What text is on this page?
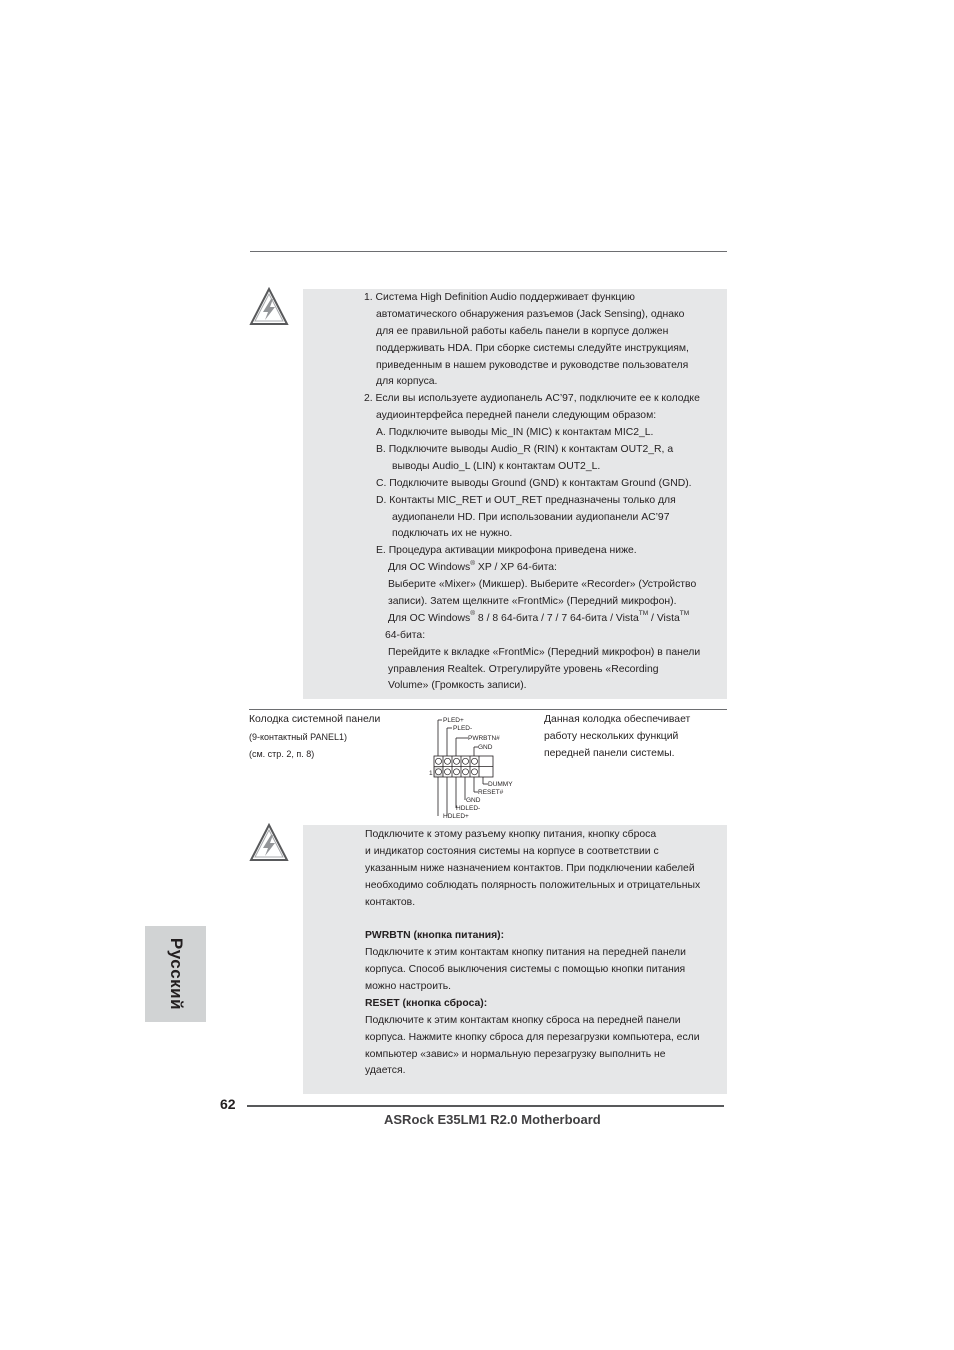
1. Система High Definition Audio поддерживает функцию
автоматического обнаружения разъемов (Jack Sensing), однако
для ее правильной работы кабель панели в корпусе должен
поддерживать HDA. При сборке системы следуйте инструкциям,
приведенным в нашем руководстве и руководстве пользователя
для корпуса.
2. Если вы используете аудиопанель AC’97, подключите ее к колодке
аудиоинтерфейса передней панели следующим образом:
A. Подключите выводы Mic_IN (MIC) к контактам MIC2_L.
B. Подключите выводы Audio_R (RIN) к контактам OUT2_R, а
выводы Audio_L (LIN) к контактам OUT2_L.
C. Подключите выводы Ground (GND) к контактам Ground (GND).
D. Контакты MIC_RET и OUT_RET предназначены только для
аудиопанели HD. При использовании аудиопанели AC’97
подключать их не нужно.
E. Процедура активации микрофона приведена ниже.
Для ОС Windows® XP / XP 64-бита:
Выберите «Mixer» (Микшер). Выберите «Recorder» (Устройство
записи). Затем щелкните «FrontMic» (Передний микрофон).
Для ОС Windows® 8 / 8 64-бита / 7 / 7 64-бита / Vista™ / Vista™
64-бита:
Перейдите к вкладке «FrontMic» (Передний микрофон) в панели
управления Realtek. Отрегулируйте уровень «Recording
Volume» (Громкость записи).
Колодка системной панели
(9-контактный PANEL1)
(см. стр. 2, п. 8)
Данная колодка обеспечивает
работу нескольких функций
передней панели системы.
PLED+
PLED-
PWRBTN#
GND
DUMMY
RESET#
GND
HDLED-
HDLED+
1
Подключите к этому разъему кнопку питания, кнопку сброса
и индикатор состояния системы на корпусе в соответствии с
указанным ниже назначением контактов. При подключении кабелей
необходимо соблюдать полярность положительных и отрицательных
контактов.
PWRBTN (кнопка питания):
Подключите к этим контактам кнопку питания на передней панели
корпуса. Способ выключения системы с помощью кнопки питания
можно настроить.
RESET (кнопка сброса):
Подключите к этим контактам кнопку сброса на передней панели
корпуса. Нажмите кнопку сброса для перезагрузки компьютера, если
компьютер «завис» и нормальную перезагрузку выполнить не
удается.
Русский
62
ASRock E35LM1 R2.0 Motherboard
